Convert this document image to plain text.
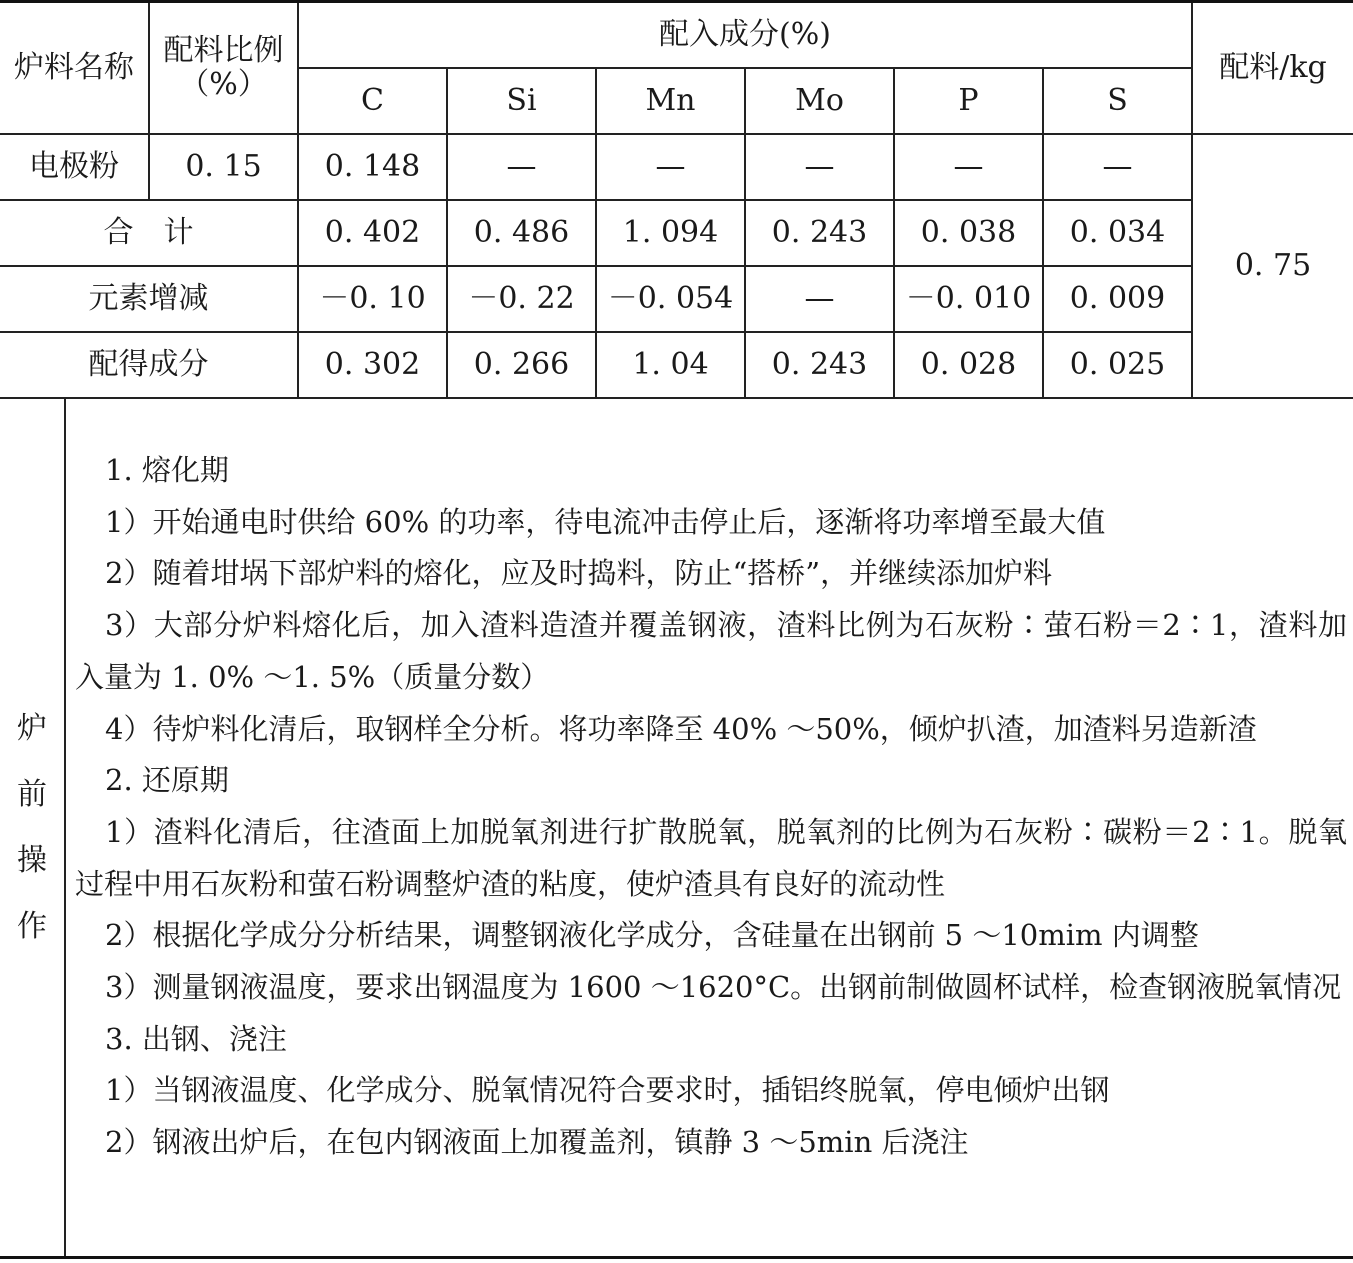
炉料名称	配料比例
（%）	配入成分(%)						配料/kg
		C	Si	Mn	Mo	P	S	
电极粉	0. 15	0. 148	—	—	—	—	—	0. 75
合　计		0. 402	0. 486	1. 094	0. 243	0. 038	0. 034	
元素增减		－0. 10	－0. 22	－0. 054	—	－0. 010	0. 009	
配得成分		0. 302	0. 266	1. 04	0. 243	0. 028	0. 025	
炉
前
操
作

1. 熔化期

1）开始通电时供给 60% 的功率，待电流冲击停止后，逐渐将功率增至最大值

2）随着坩埚下部炉料的熔化，应及时捣料，防止“搭桥”，并继续添加炉料

3）大部分炉料熔化后，加入渣料造渣并覆盖钢液，渣料比例为石灰粉∶萤石粉＝2∶1，渣料加入量为 1. 0% ～1. 5%（质量分数）

4）待炉料化清后，取钢样全分析。将功率降至 40% ～50%，倾炉扒渣，加渣料另造新渣

2. 还原期

1）渣料化清后，往渣面上加脱氧剂进行扩散脱氧，脱氧剂的比例为石灰粉∶碳粉＝2∶1。脱氧过程中用石灰粉和萤石粉调整炉渣的粘度，使炉渣具有良好的流动性

2）根据化学成分分析结果，调整钢液化学成分，含硅量在出钢前 5 ～10mim 内调整

3）测量钢液温度，要求出钢温度为 1600 ～1620°C。出钢前制做圆杯试样，检查钢液脱氧情况

3. 出钢、浇注

1）当钢液温度、化学成分、脱氧情况符合要求时，插铝终脱氧，停电倾炉出钢

2）钢液出炉后，在包内钢液面上加覆盖剂，镇静 3 ～5min 后浇注
